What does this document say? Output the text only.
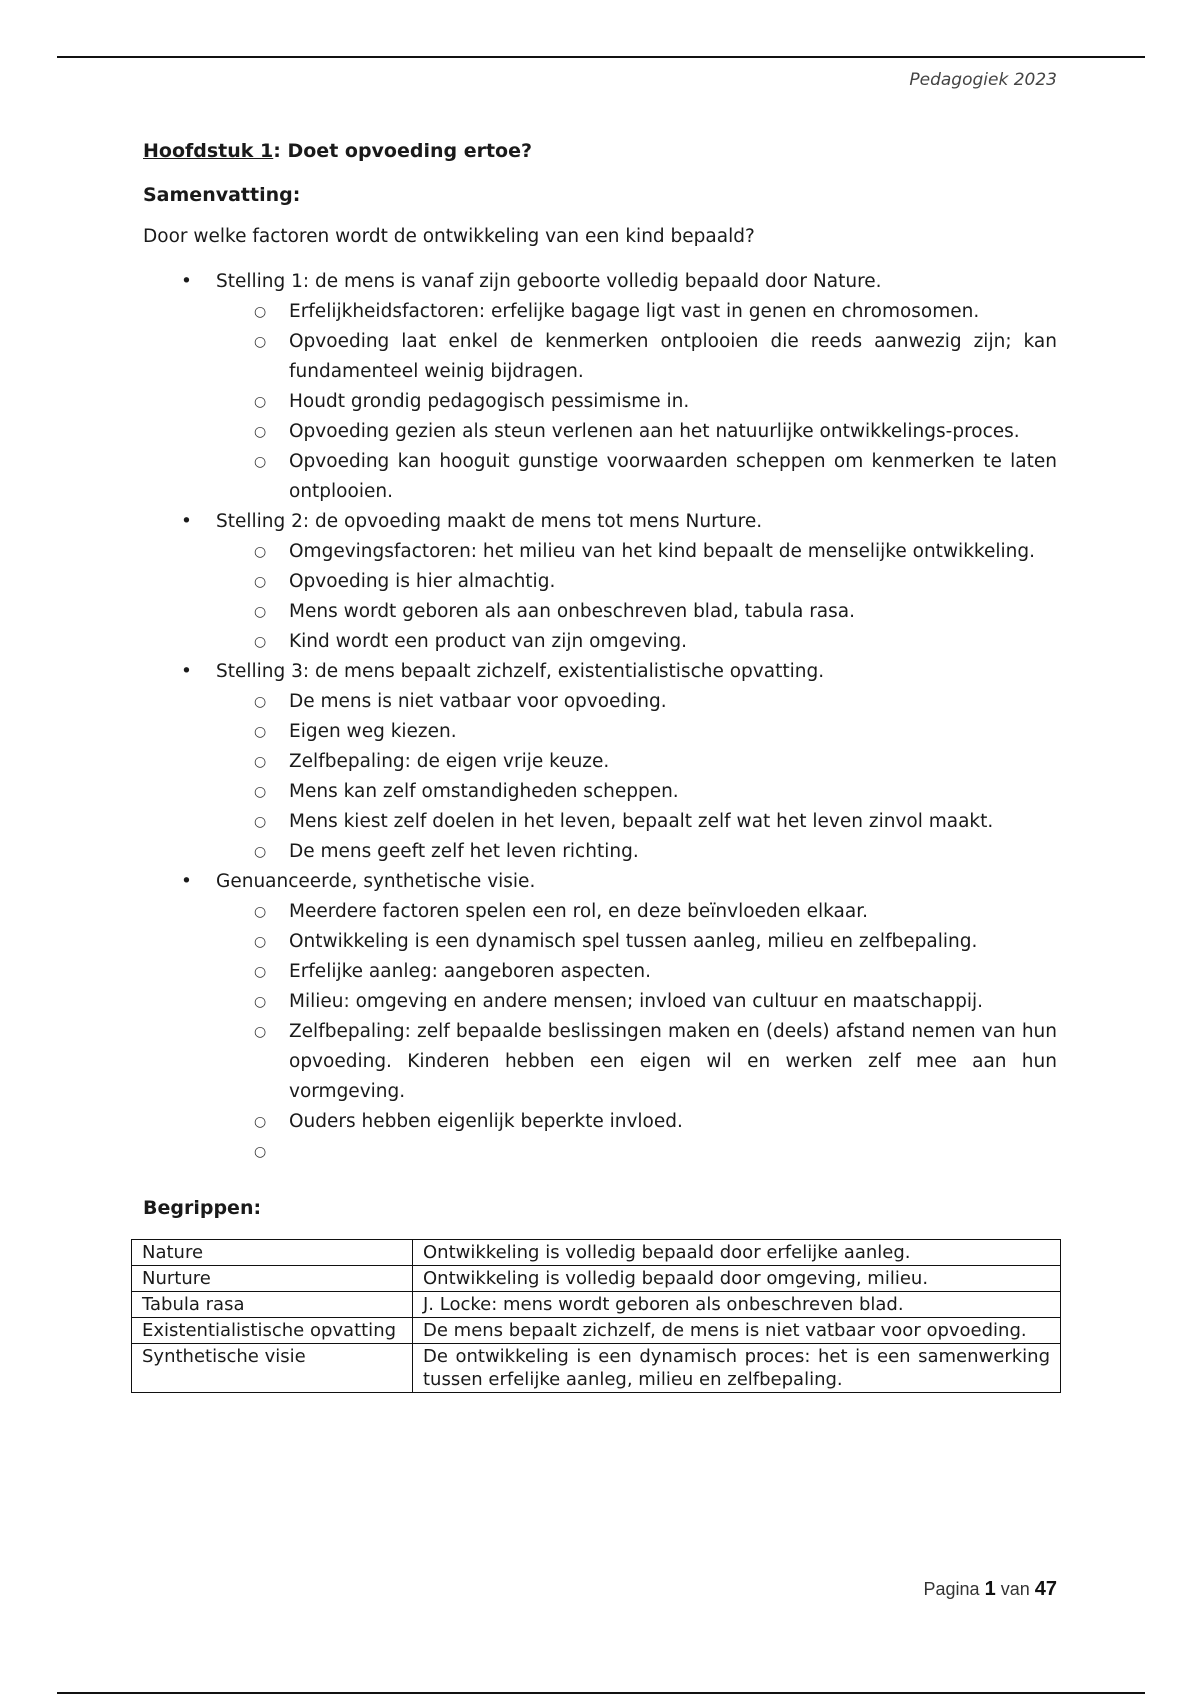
Pedagogiek 2023
Hoofdstuk 1: Doet opvoeding ertoe?
Samenvatting:
Door welke factoren wordt de ontwikkeling van een kind bepaald?
• Stelling 1: de mens is vanaf zijn geboorte volledig bepaald door Nature.
○ Erfelijkheidsfactoren: erfelijke bagage ligt vast in genen en chromosomen.
○ Opvoeding laat enkel de kenmerken ontplooien die reeds aanwezig zijn; kan fundamenteel weinig bijdragen.
○ Houdt grondig pedagogisch pessimisme in.
○ Opvoeding gezien als steun verlenen aan het natuurlijke ontwikkelings-proces.
○ Opvoeding kan hooguit gunstige voorwaarden scheppen om kenmerken te laten ontplooien.
• Stelling 2: de opvoeding maakt de mens tot mens Nurture.
○ Omgevingsfactoren: het milieu van het kind bepaalt de menselijke ontwikkeling.
○ Opvoeding is hier almachtig.
○ Mens wordt geboren als aan onbeschreven blad, tabula rasa.
○ Kind wordt een product van zijn omgeving.
• Stelling 3: de mens bepaalt zichzelf, existentialistische opvatting.
○ De mens is niet vatbaar voor opvoeding.
○ Eigen weg kiezen.
○ Zelfbepaling: de eigen vrije keuze.
○ Mens kan zelf omstandigheden scheppen.
○ Mens kiest zelf doelen in het leven, bepaalt zelf wat het leven zinvol maakt.
○ De mens geeft zelf het leven richting.
• Genuanceerde, synthetische visie.
○ Meerdere factoren spelen een rol, en deze beïnvloeden elkaar.
○ Ontwikkeling is een dynamisch spel tussen aanleg, milieu en zelfbepaling.
○ Erfelijke aanleg: aangeboren aspecten.
○ Milieu: omgeving en andere mensen; invloed van cultuur en maatschappij.
○ Zelfbepaling: zelf bepaalde beslissingen maken en (deels) afstand nemen van hun opvoeding. Kinderen hebben een eigen wil en werken zelf mee aan hun vormgeving.
○ Ouders hebben eigenlijk beperkte invloed.
○
Begrippen:
Nature	Ontwikkeling is volledig bepaald door erfelijke aanleg.
Nurture	Ontwikkeling is volledig bepaald door omgeving, milieu.
Tabula rasa	J. Locke: mens wordt geboren als onbeschreven blad.
Existentialistische opvatting	De mens bepaalt zichzelf, de mens is niet vatbaar voor opvoeding.
Synthetische visie	De ontwikkeling is een dynamisch proces: het is een samenwerking tussen erfelijke aanleg, milieu en zelfbepaling.
Pagina 1 van 47
